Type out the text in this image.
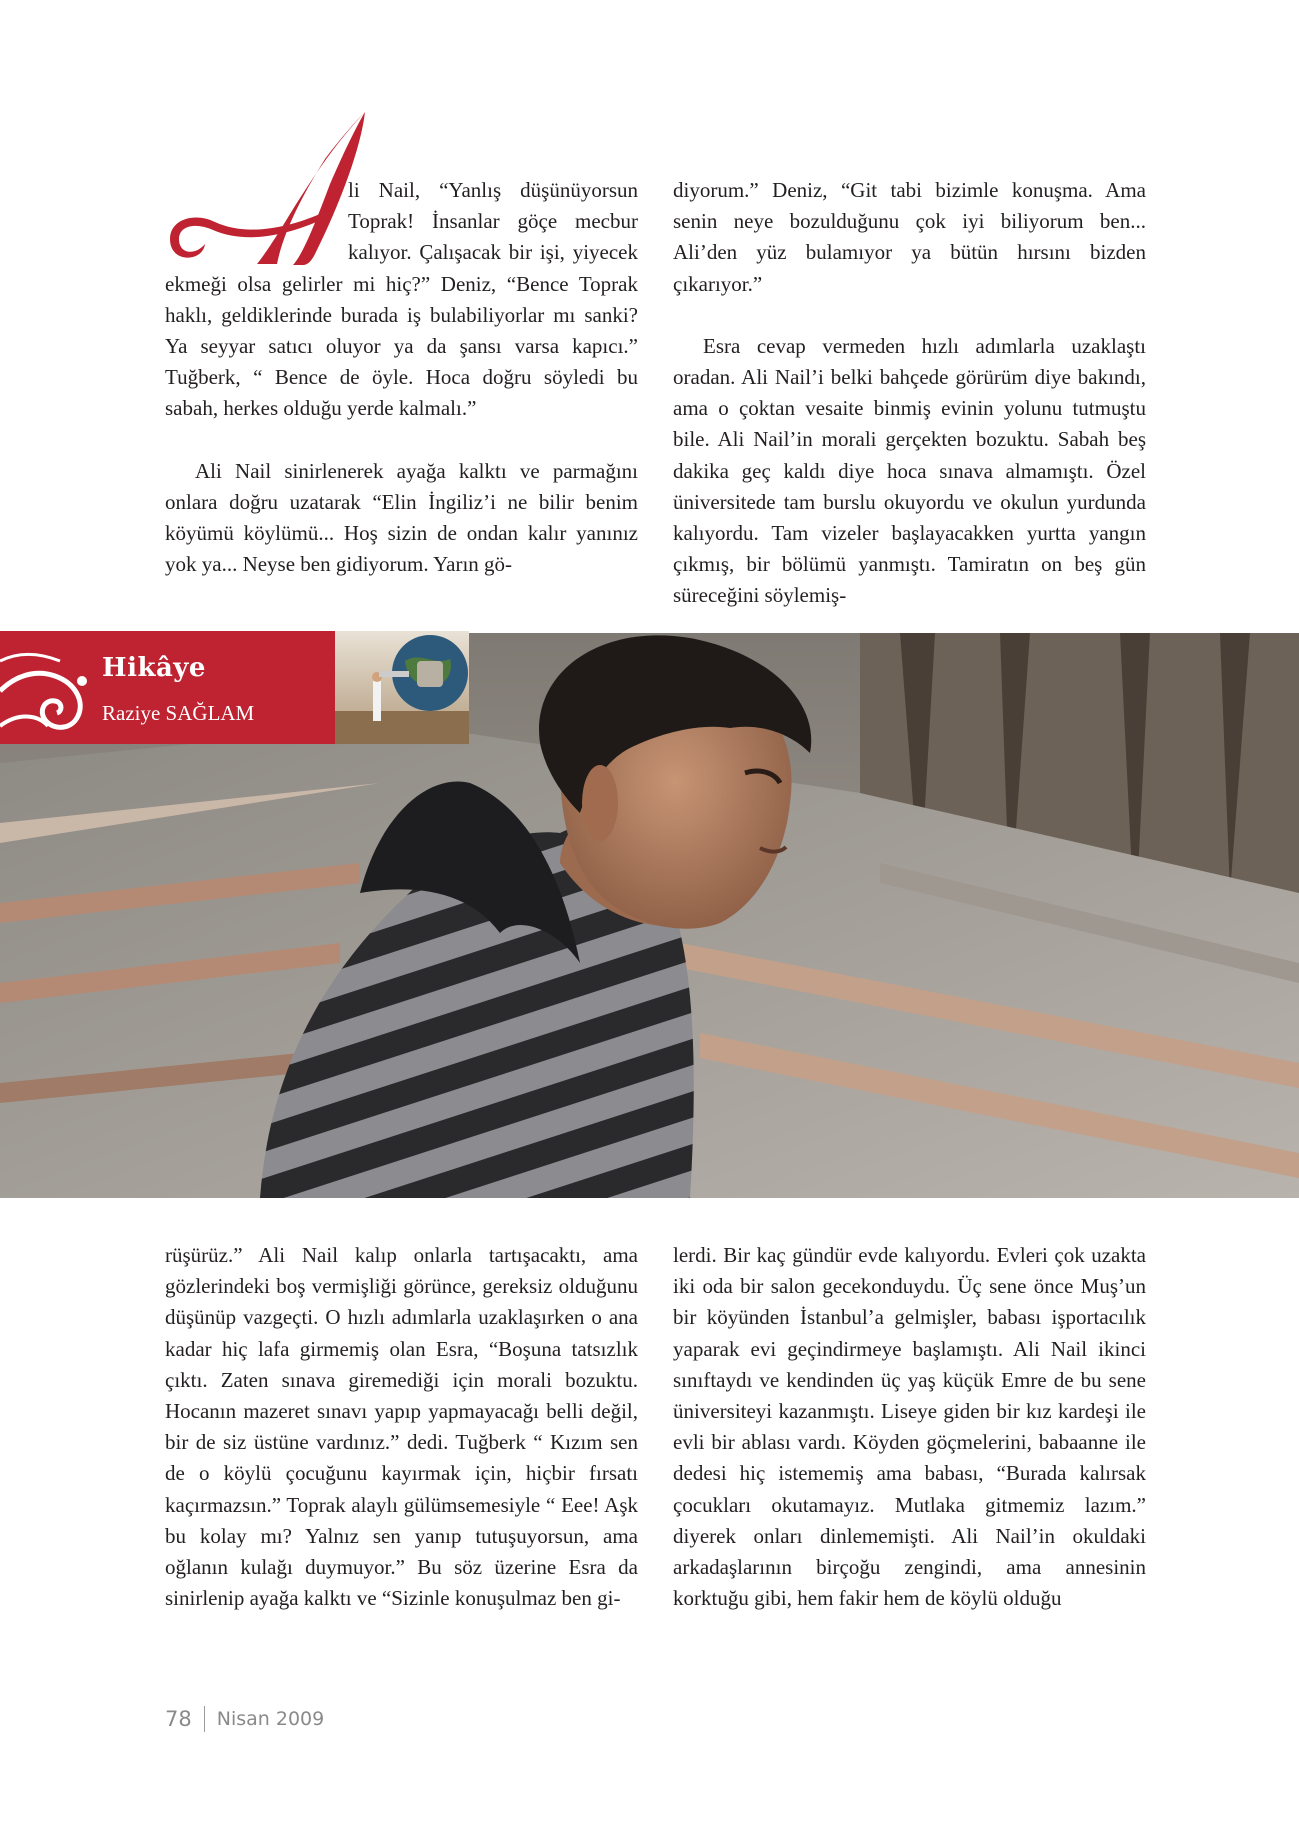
li Nail, “Yanlış düşünüyorsun Toprak! İnsanlar göçe mecbur kalıyor. Çalışacak bir işi, yiyecek ekmeği olsa gelirler mi hiç?” Deniz, “Bence Toprak haklı, geldiklerinde burada iş bulabiliyorlar mı sanki? Ya seyyar satıcı oluyor ya da şansı varsa kapıcı.” Tuğberk, “ Bence de öyle. Hoca doğru söyledi bu sabah, herkes olduğu yerde kalmalı.”

Ali Nail sinirlenerek ayağa kalktı ve parmağını onlara doğru uzatarak “Elin İngiliz’i ne bilir benim köyümü köylümü... Hoş sizin de ondan kalır yanınız yok ya... Neyse ben gidiyorum. Yarın gö-

diyorum.” Deniz, “Git tabi bizimle konuşma. Ama senin neye bozulduğunu çok iyi biliyorum ben... Ali’den yüz bulamıyor ya bütün hırsını bizden çıkarıyor.”

Esra cevap vermeden hızlı adımlarla uzaklaştı oradan. Ali Nail’i belki bahçede görürüm diye bakındı, ama o çoktan vesaite binmiş evinin yolunu tutmuştu bile. Ali Nail’in morali gerçekten bozuktu. Sabah beş dakika geç kaldı diye hoca sınava almamıştı. Özel üniversitede tam burslu okuyordu ve okulun yurdunda kalıyordu. Tam vizeler başlayacakken yurtta yangın çıkmış, bir bölümü yanmıştı. Tamiratın on beş gün süreceğini söylemiş-

Hikâye
Raziye SAĞLAM

rüşürüz.” Ali Nail kalıp onlarla tartışacaktı, ama gözlerindeki boş vermişliği görünce, gereksiz olduğunu düşünüp vazgeçti. O hızlı adımlarla uzaklaşırken o ana kadar hiç lafa girmemiş olan Esra, “Boşuna tatsızlık çıktı. Zaten sınava giremediği için morali bozuktu. Hocanın mazeret sınavı yapıp yapmayacağı belli değil, bir de siz üstüne vardınız.” dedi. Tuğberk “ Kızım sen de o köylü çocuğunu kayırmak için, hiçbir fırsatı kaçırmazsın.” Toprak alaylı gülümsemesiyle “ Eee! Aşk bu kolay mı? Yalnız sen yanıp tutuşuyorsun, ama oğlanın kulağı duymuyor.” Bu söz üzerine Esra da sinirlenip ayağa kalktı ve “Sizinle konuşulmaz ben gi-

lerdi. Bir kaç gündür evde kalıyordu. Evleri çok uzakta iki oda bir salon gecekonduydu. Üç sene önce Muş’un bir köyünden İstanbul’a gelmişler, babası işportacılık yaparak evi geçindirmeye başlamıştı. Ali Nail ikinci sınıftaydı ve kendinden üç yaş küçük Emre de bu sene üniversiteyi kazanmıştı. Liseye giden bir kız kardeşi ile evli bir ablası vardı. Köyden göçmelerini, babaanne ile dedesi hiç istememiş ama babası, “Burada kalırsak çocukları okutamayız. Mutlaka gitmemiz lazım.” diyerek onları dinlememişti. Ali Nail’in okuldaki arkadaşlarının birçoğu zengindi, ama annesinin korktuğu gibi, hem fakir hem de köylü olduğu

78 Nisan 2009
